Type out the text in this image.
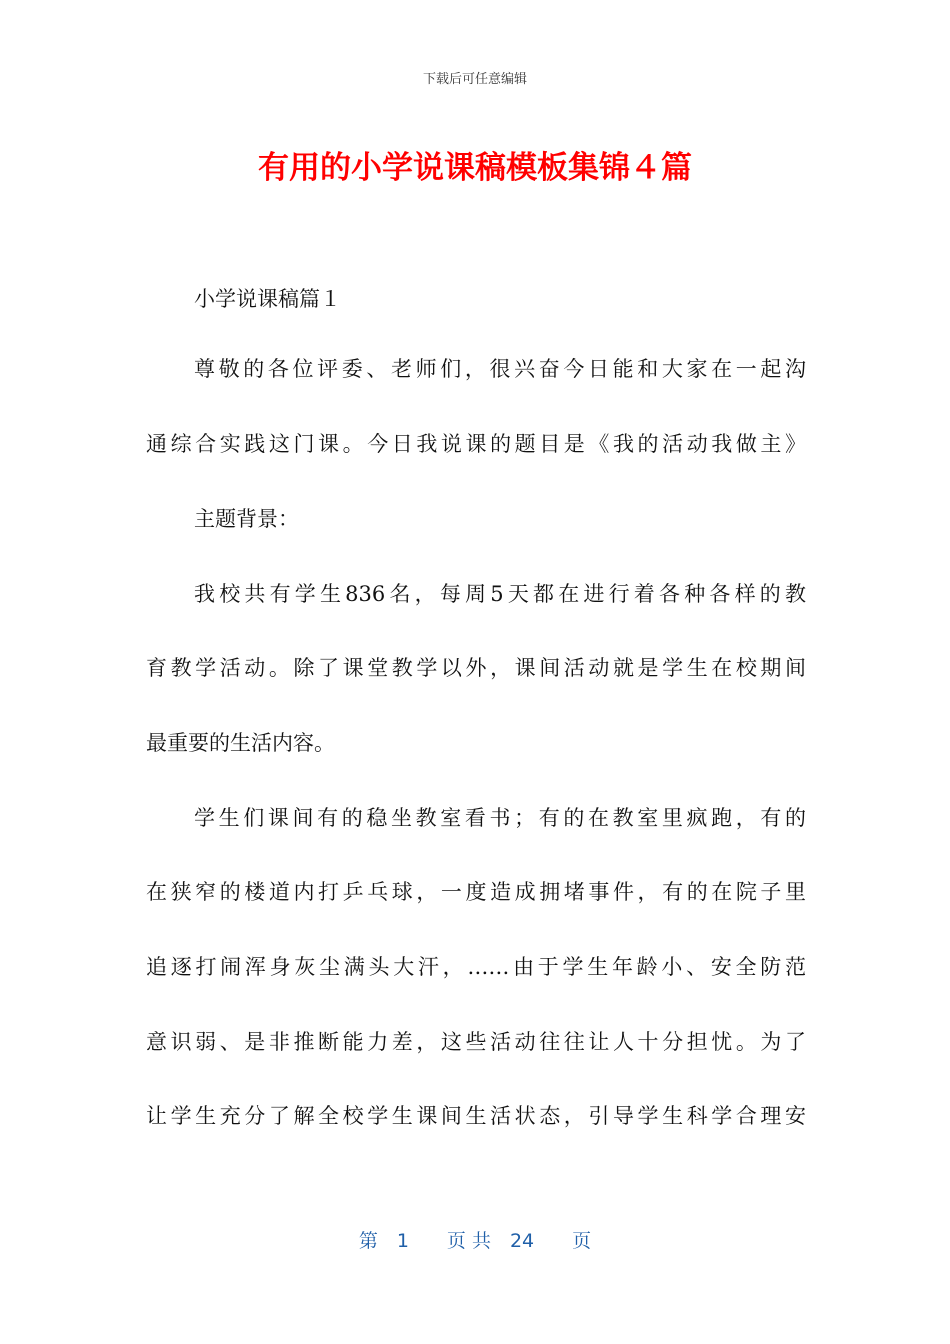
下载后可任意编辑
有用的小学说课稿模板集锦４篇
小学说课稿篇１
尊敬的各位评委、老师们，很兴奋今日能和大家在一起沟
通综合实践这门课。今日我说课的题目是《我的活动我做主》
主题背景：
我校共有学生836名，每周5天都在进行着各种各样的教
育教学活动。除了课堂教学以外，课间活动就是学生在校期间
最重要的生活内容。
学生们课间有的稳坐教室看书；有的在教室里疯跑，有的
在狭窄的楼道内打乒乓球，一度造成拥堵事件，有的在院子里
追逐打闹浑身灰尘满头大汗，……由于学生年龄小、安全防范
意识弱、是非推断能力差，这些活动往往让人十分担忧。为了
让学生充分了解全校学生课间生活状态，引导学生科学合理安
第　1　　页 共　24　　页
